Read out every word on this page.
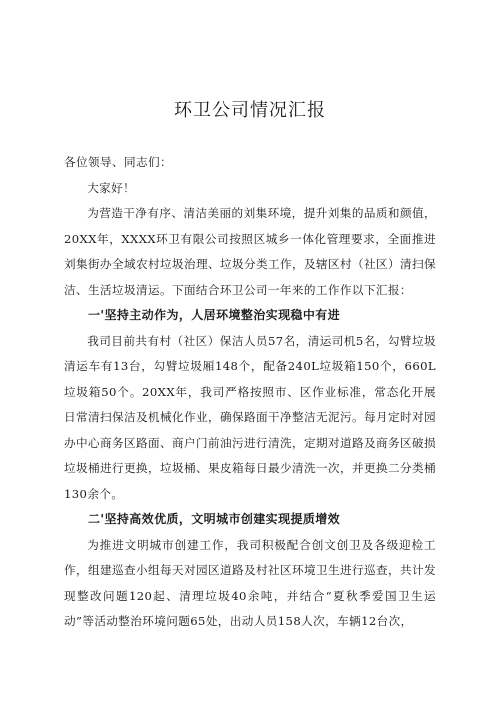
环卫公司情况汇报

各位领导、同志们：

大家好！

为营造干净有序、清洁美丽的刘集环境，提升刘集的品质和颜值，20XX年，XXXX环卫有限公司按照区城乡一体化管理要求，全面推进刘集街办全域农村垃圾治理、垃圾分类工作，及辖区村（社区）清扫保洁、生活垃圾清运。下面结合环卫公司一年来的工作作以下汇报：

一'坚持主动作为，人居环境整治实现稳中有进

我司目前共有村（社区）保洁人员57名，清运司机5名，勾臂垃圾清运车有13台，勾臂垃圾厢148个，配备240L垃圾箱150个，660L垃圾箱50个。20XX年，我司严格按照市、区作业标准，常态化开展日常清扫保洁及机械化作业，确保路面干净整洁无泥污。每月定时对园办中心商务区路面、商户门前油污进行清洗，定期对道路及商务区破损垃圾桶进行更换，垃圾桶、果皮箱每日最少清洗一次，并更换二分类桶130余个。

二'坚持高效优质，文明城市创建实现提质增效

为推进文明城市创建工作，我司积极配合创文创卫及各级迎检工作，组建巡查小组每天对园区道路及村社区环境卫生进行巡查，共计发现整改问题120起、清理垃圾40余吨，并结合“夏秋季爱国卫生运动”等活动整治环境问题65处，出动人员158人次，车辆12台次，
